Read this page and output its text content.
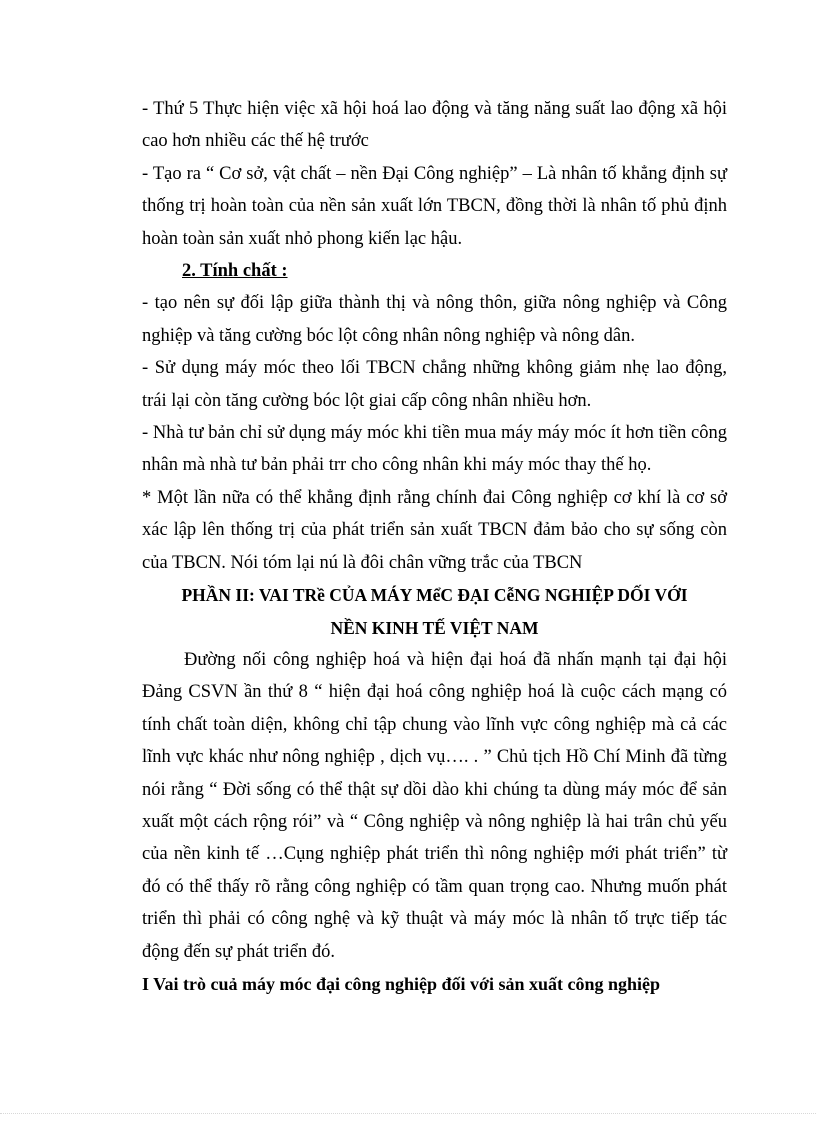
- Thứ 5 Thực hiện việc xã hội hoá lao động và tăng năng suất lao động xã hội cao hơn nhiều các thế hệ trước

- Tạo ra “ Cơ sở, vật chất – nền Đại Công nghiệp” – Là nhân tố khẳng định sự thống trị hoàn toàn của nền sản xuất lớn TBCN, đồng thời là nhân tố phủ định hoàn toàn sản xuất nhỏ phong kiến lạc hậu.

2. Tính chất :

- tạo nên sự đối lập giữa thành thị và nông thôn, giữa nông nghiệp và Công nghiệp và tăng cường bóc lột công nhân nông nghiệp và nông dân.

- Sử dụng máy móc theo lối TBCN chẳng những không giảm nhẹ lao động, trái lại còn tăng cường bóc lột giai cấp công nhân nhiều hơn.

- Nhà tư bản chỉ sử dụng máy móc khi tiền mua máy máy móc ít hơn tiền công nhân mà nhà tư bản phải trr cho công nhân khi máy móc thay thế họ.

* Một lần nữa có thể khẳng định rằng chính đai Công nghiệp cơ khí là cơ sở xác lập lên thống trị của phát triển sản xuất TBCN đảm bảo cho sự sống còn của TBCN. Nói tóm lại nú là đôi chân vững trắc của TBCN

PHẦN II: VAI TRề CỦA MÁY MểC ĐẠI CễNG NGHIỆP DỐI VỚI

NỀN KINH TẾ VIỆT NAM

Đường nối công nghiệp hoá và hiện đại hoá đã nhấn mạnh tại đại hội Đảng CSVN ần thứ 8 “ hiện đại hoá công nghiệp hoá là cuộc cách mạng có tính chất toàn diện, không chỉ tập chung vào lĩnh vực công nghiệp mà cả các lĩnh vực khác như nông nghiệp , dịch vụ…. . ” Chủ tịch Hồ Chí Minh đã từng nói rằng “ Đời sống có thể thật sự dồi dào khi chúng ta dùng máy móc để sản xuất một cách rộng rói” và “ Công nghiệp và nông nghiệp là hai trân chủ yếu của nền kinh tế …Cụng nghiệp phát triển thì nông nghiệp mới phát triển” từ đó có thể thấy rõ rằng công nghiệp có tầm quan trọng cao. Nhưng muốn phát triển thì phải có công nghệ và kỹ thuật và máy móc là nhân tố trực tiếp tác động đến sự phát triển đó.

I Vai trò cuả máy móc đại công nghiệp đối với sản xuất công nghiệp
